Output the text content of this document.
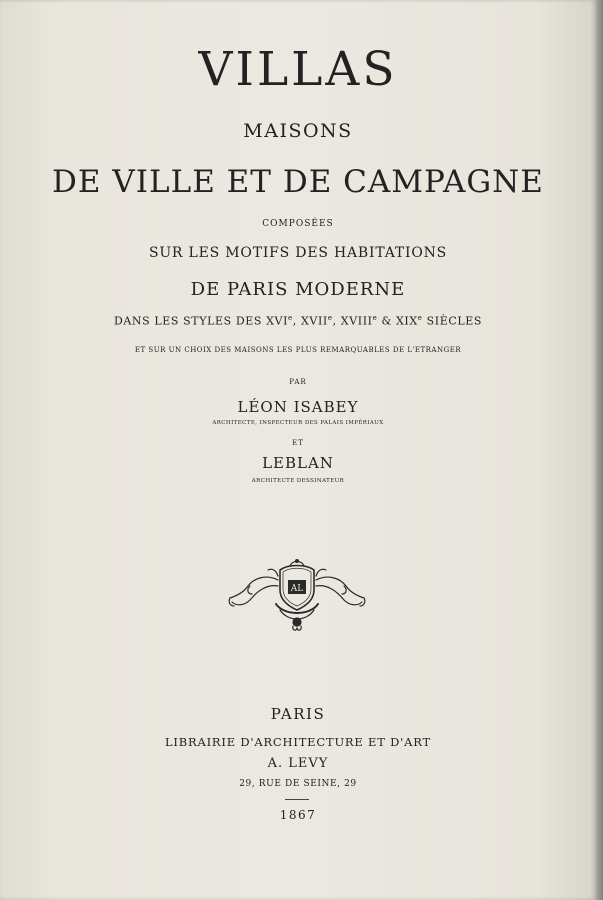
VILLAS
MAISONS
DE VILLE ET DE CAMPAGNE
COMPOSÉES
SUR LES MOTIFS DES HABITATIONS
DE PARIS MODERNE
DANS LES STYLES DES XVIe, XVIIe, XVIIIe & XIXe SIÈCLES
ET SUR UN CHOIX DES MAISONS LES PLUS REMARQUABLES DE L'ETRANGER
PAR
LÉON ISABEY
ARCHITECTE, INSPECTEUR DES PALAIS IMPÉRIAUX
ET
LEBLAN
ARCHITECTE DESSINATEUR
AL
PARIS
LIBRAIRIE D'ARCHITECTURE ET D'ART
A. LEVY
29, RUE DE SEINE, 29
1867
